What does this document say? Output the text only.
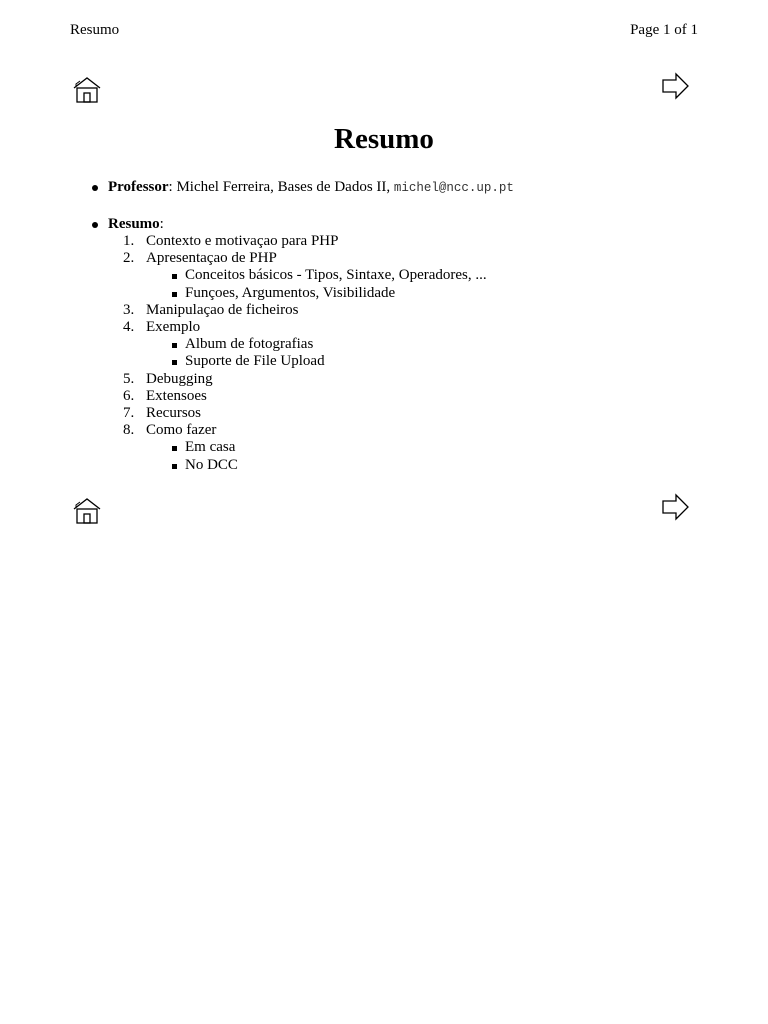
Resumo	Page 1 of 1
Resumo
Professor: Michel Ferreira, Bases de Dados II, michel@ncc.up.pt
Resumo:
1. Contexto e motivaçao para PHP
2. Apresentaçao de PHP
Conceitos básicos - Tipos, Sintaxe, Operadores, ...
Funçoes, Argumentos, Visibilidade
3. Manipulaçao de ficheiros
4. Exemplo
Album de fotografias
Suporte de File Upload
5. Debugging
6. Extensoes
7. Recursos
8. Como fazer
Em casa
No DCC
